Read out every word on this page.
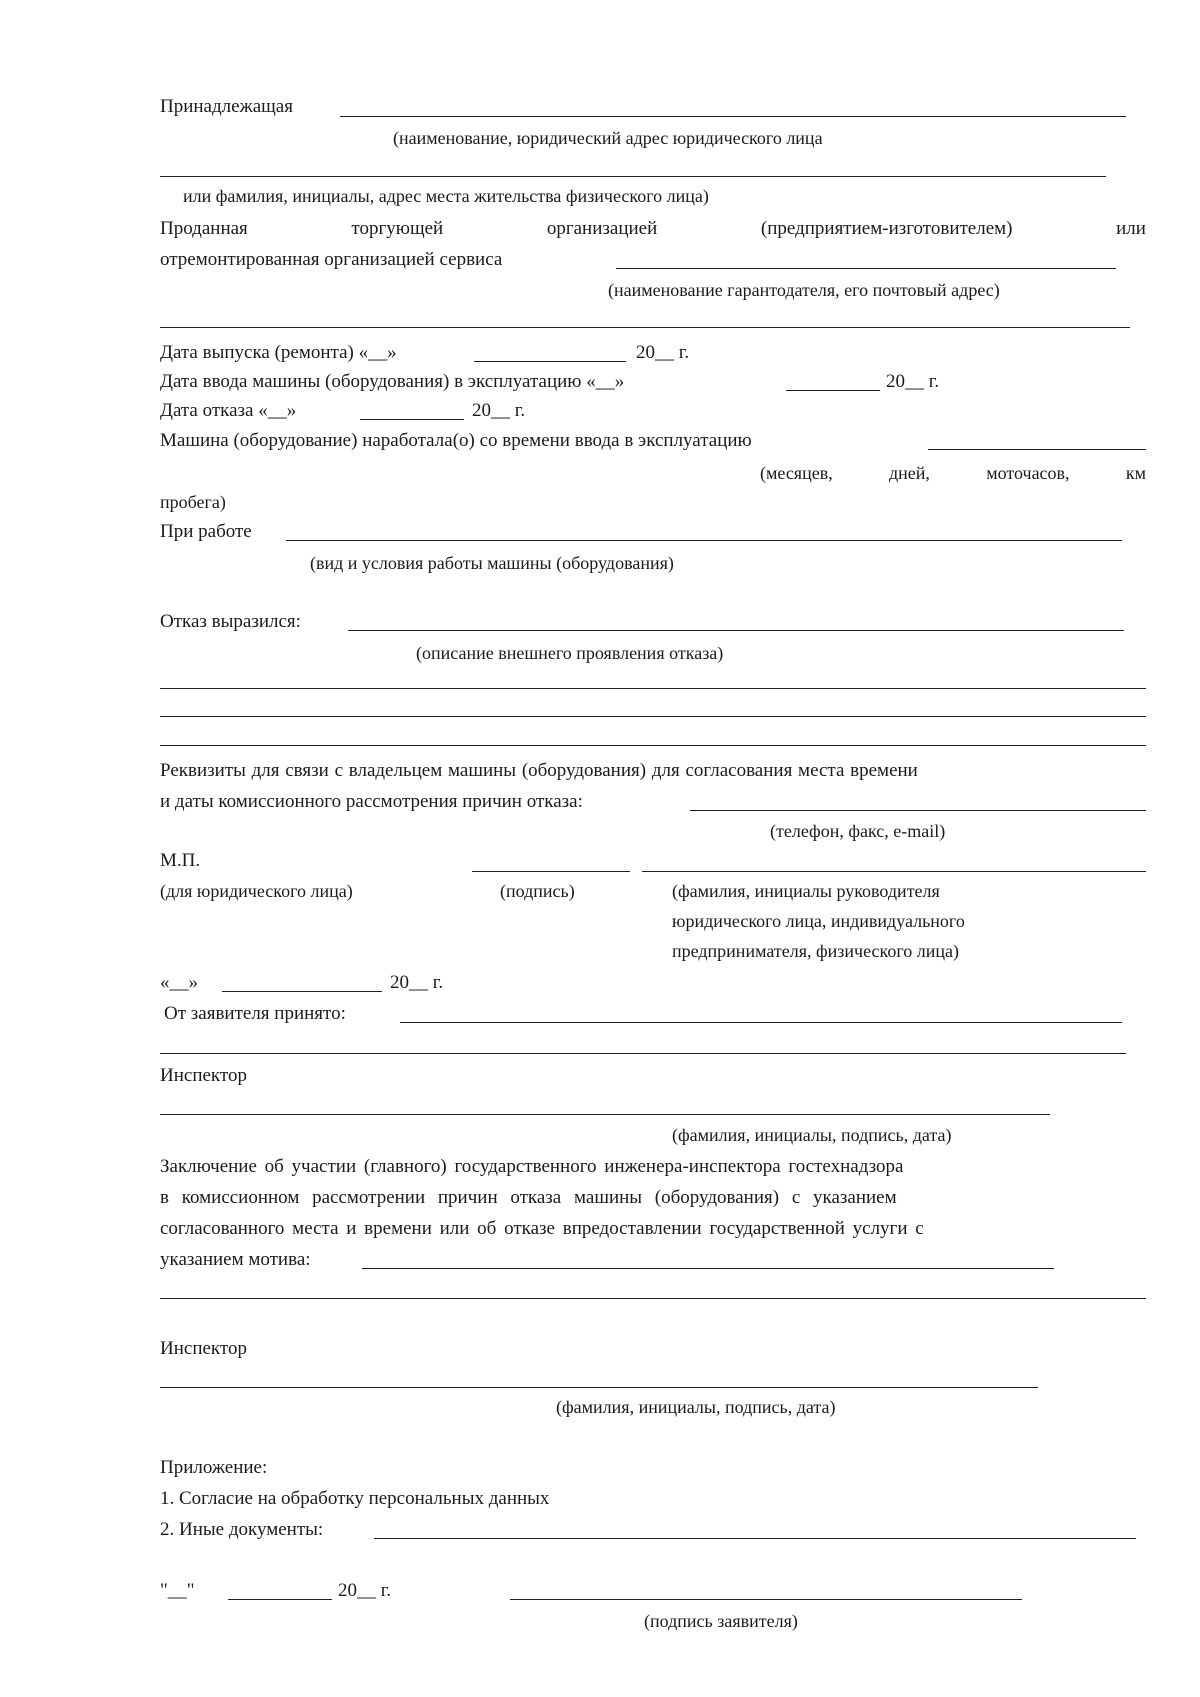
Принадлежащая
(наименование, юридический адрес юридического лица
или фамилия, инициалы, адрес места жительства физического лица)
Проданная	торгующей	организацией	(предприятием-изготовителем)	или
отремонтированная организацией сервиса
(наименование гарантодателя, его почтовый адрес)
Дата выпуска (ремонта) «__»	20__ г.
Дата ввода машины (оборудования) в эксплуатацию «__»	20__ г.
Дата отказа «__»	20__ г.
Машина (оборудование) наработала(о) со времени ввода в эксплуатацию
(месяцев,	дней,	моточасов,	км
пробега)
При работе
(вид и условия работы машины (оборудования)
Отказ выразился:
(описание внешнего проявления отказа)
Реквизиты для связи с владельцем машины (оборудования) для согласования места времени
и даты комиссионного рассмотрения причин отказа:
(телефон, факс, e-mail)
М.П.
(для юридического лица)	(подпись)	(фамилия, инициалы руководителя
юридического лица, индивидуального
предпринимателя, физического лица)
«__»	20__ г.
От заявителя принято:
Инспектор
(фамилия, инициалы, подпись, дата)
Заключение об участии (главного) государственного инженера-инспектора гостехнадзора
в комиссионном рассмотрении причин отказа машины (оборудования) с указанием
согласованного места и времени или об отказе впредоставлении государственной услуги с
указанием мотива:
Инспектор
(фамилия, инициалы, подпись, дата)
Приложение:
1. Согласие на обработку персональных данных
2. Иные документы:
"__"	20__ г.
(подпись заявителя)
